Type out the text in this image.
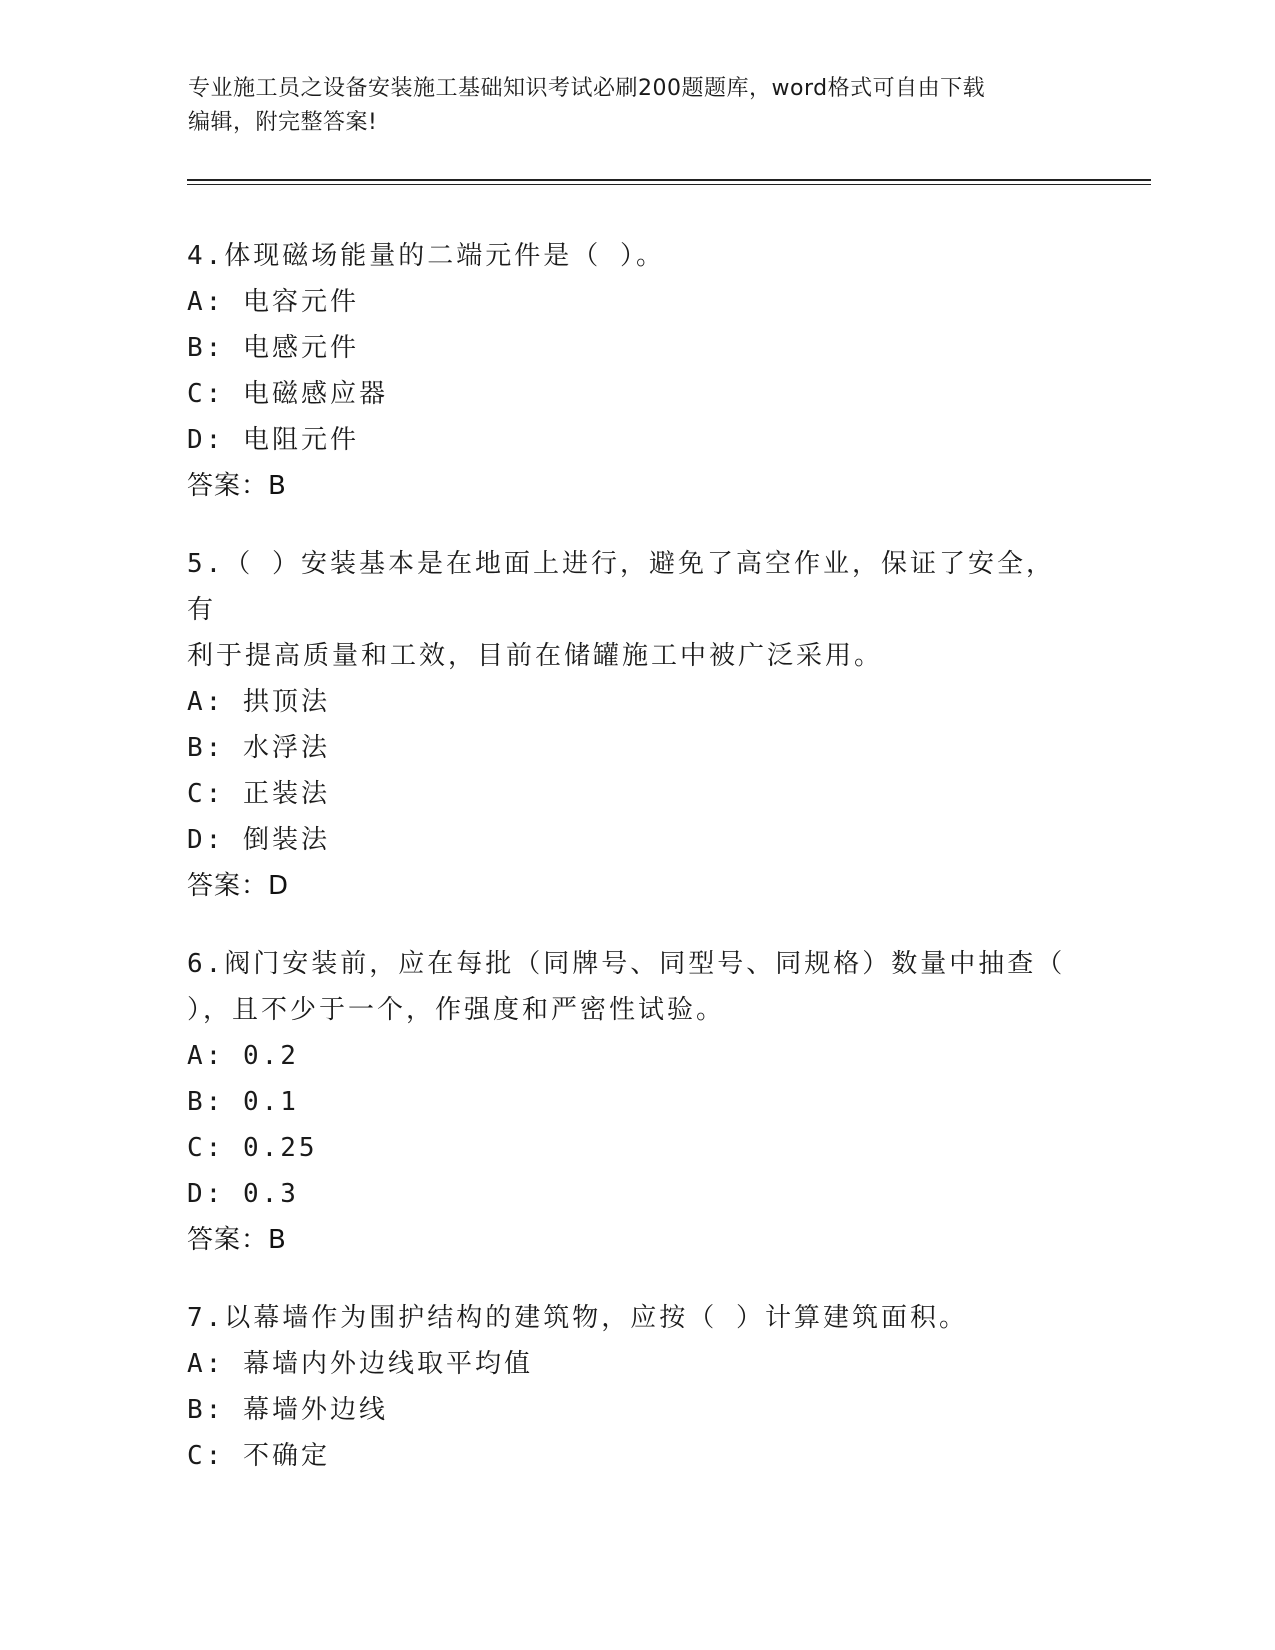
专业施工员之设备安装施工基础知识考试必刷200题题库，word格式可自由下载
编辑，附完整答案!
4.体现磁场能量的二端元件是（ ）。
A: 电容元件
B: 电感元件
C: 电磁感应器
D: 电阻元件
答案：B
5.（ ）安装基本是在地面上进行，避免了高空作业，保证了安全，有
利于提高质量和工效，目前在储罐施工中被广泛采用。
A: 拱顶法
B: 水浮法
C: 正装法
D: 倒装法
答案：D
6.阀门安装前，应在每批（同牌号、同型号、同规格）数量中抽查（
），且不少于一个，作强度和严密性试验。
A: 0.2
B: 0.1
C: 0.25
D: 0.3
答案：B
7.以幕墙作为围护结构的建筑物，应按（ ）计算建筑面积。
A: 幕墙内外边线取平均值
B: 幕墙外边线
C: 不确定
